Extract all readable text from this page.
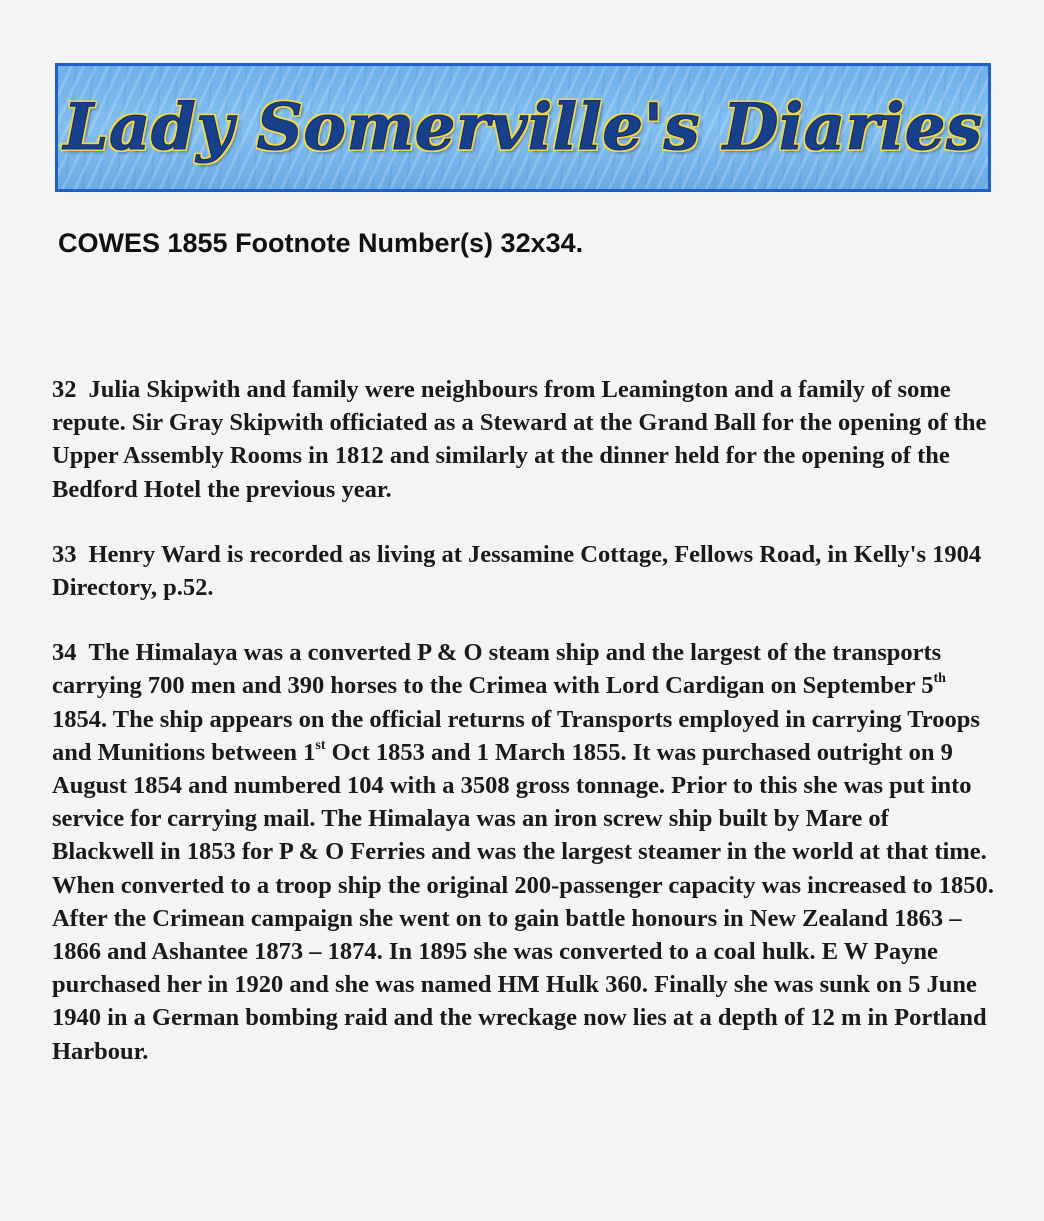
Lady Somerville's Diaries
COWES 1855 Footnote Number(s) 32x34.

32 Julia Skipwith and family were neighbours from Leamington and a family of some repute. Sir Gray Skipwith officiated as a Steward at the Grand Ball for the opening of the Upper Assembly Rooms in 1812 and similarly at the dinner held for the opening of the Bedford Hotel the previous year.

33 Henry Ward is recorded as living at Jessamine Cottage, Fellows Road, in Kelly's 1904 Directory, p.52.

34 The Himalaya was a converted P & O steam ship and the largest of the transports carrying 700 men and 390 horses to the Crimea with Lord Cardigan on September 5th 1854. The ship appears on the official returns of Transports employed in carrying Troops and Munitions between 1st Oct 1853 and 1 March 1855. It was purchased outright on 9 August 1854 and numbered 104 with a 3508 gross tonnage. Prior to this she was put into service for carrying mail. The Himalaya was an iron screw ship built by Mare of Blackwell in 1853 for P & O Ferries and was the largest steamer in the world at that time. When converted to a troop ship the original 200-passenger capacity was increased to 1850. After the Crimean campaign she went on to gain battle honours in New Zealand 1863 – 1866 and Ashantee 1873 – 1874. In 1895 she was converted to a coal hulk. E W Payne purchased her in 1920 and she was named HM Hulk 360. Finally she was sunk on 5 June 1940 in a German bombing raid and the wreckage now lies at a depth of 12 m in Portland Harbour.
